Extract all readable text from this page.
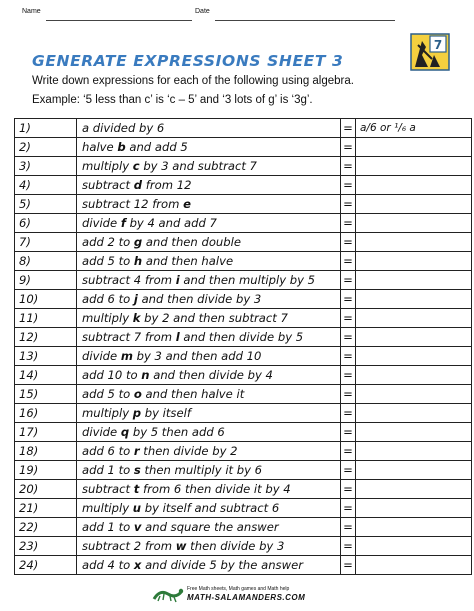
Name	Date
7
GENERATE EXPRESSIONS SHEET 3
Write down expressions for each of the following using algebra.
Example: ‘5 less than c’ is ‘c – 5’ and ‘3 lots of g’ is ‘3g’.
1)	a divided by 6	=	a/6 or ¹/₆ a
2)	halve b and add 5	=	
3)	multiply c by 3 and subtract 7	=	
4)	subtract d from 12	=	
5)	subtract 12 from e	=	
6)	divide f by 4 and add 7	=	
7)	add 2 to g and then double	=	
8)	add 5 to h and then halve	=	
9)	subtract 4 from i and then multiply by 5	=	
10)	add 6 to j and then divide by 3	=	
11)	multiply k by 2 and then subtract 7	=	
12)	subtract 7 from l and then divide by 5	=	
13)	divide m by 3 and then add 10	=	
14)	add 10 to n and then divide by 4	=	
15)	add 5 to o and then halve it	=	
16)	multiply p by itself	=	
17)	divide q by 5 then add 6	=	
18)	add 6 to r then divide by 2	=	
19)	add 1 to s then multiply it by 6	=	
20)	subtract t from 6 then divide it by 4	=	
21)	multiply u by itself and subtract 6	=	
22)	add 1 to v and square the answer	=	
23)	subtract 2 from w then divide by 3	=	
24)	add 4 to x and divide 5 by the answer	=	
Free Math sheets, Math games and Math help
MATH-SALAMANDERS.COM
